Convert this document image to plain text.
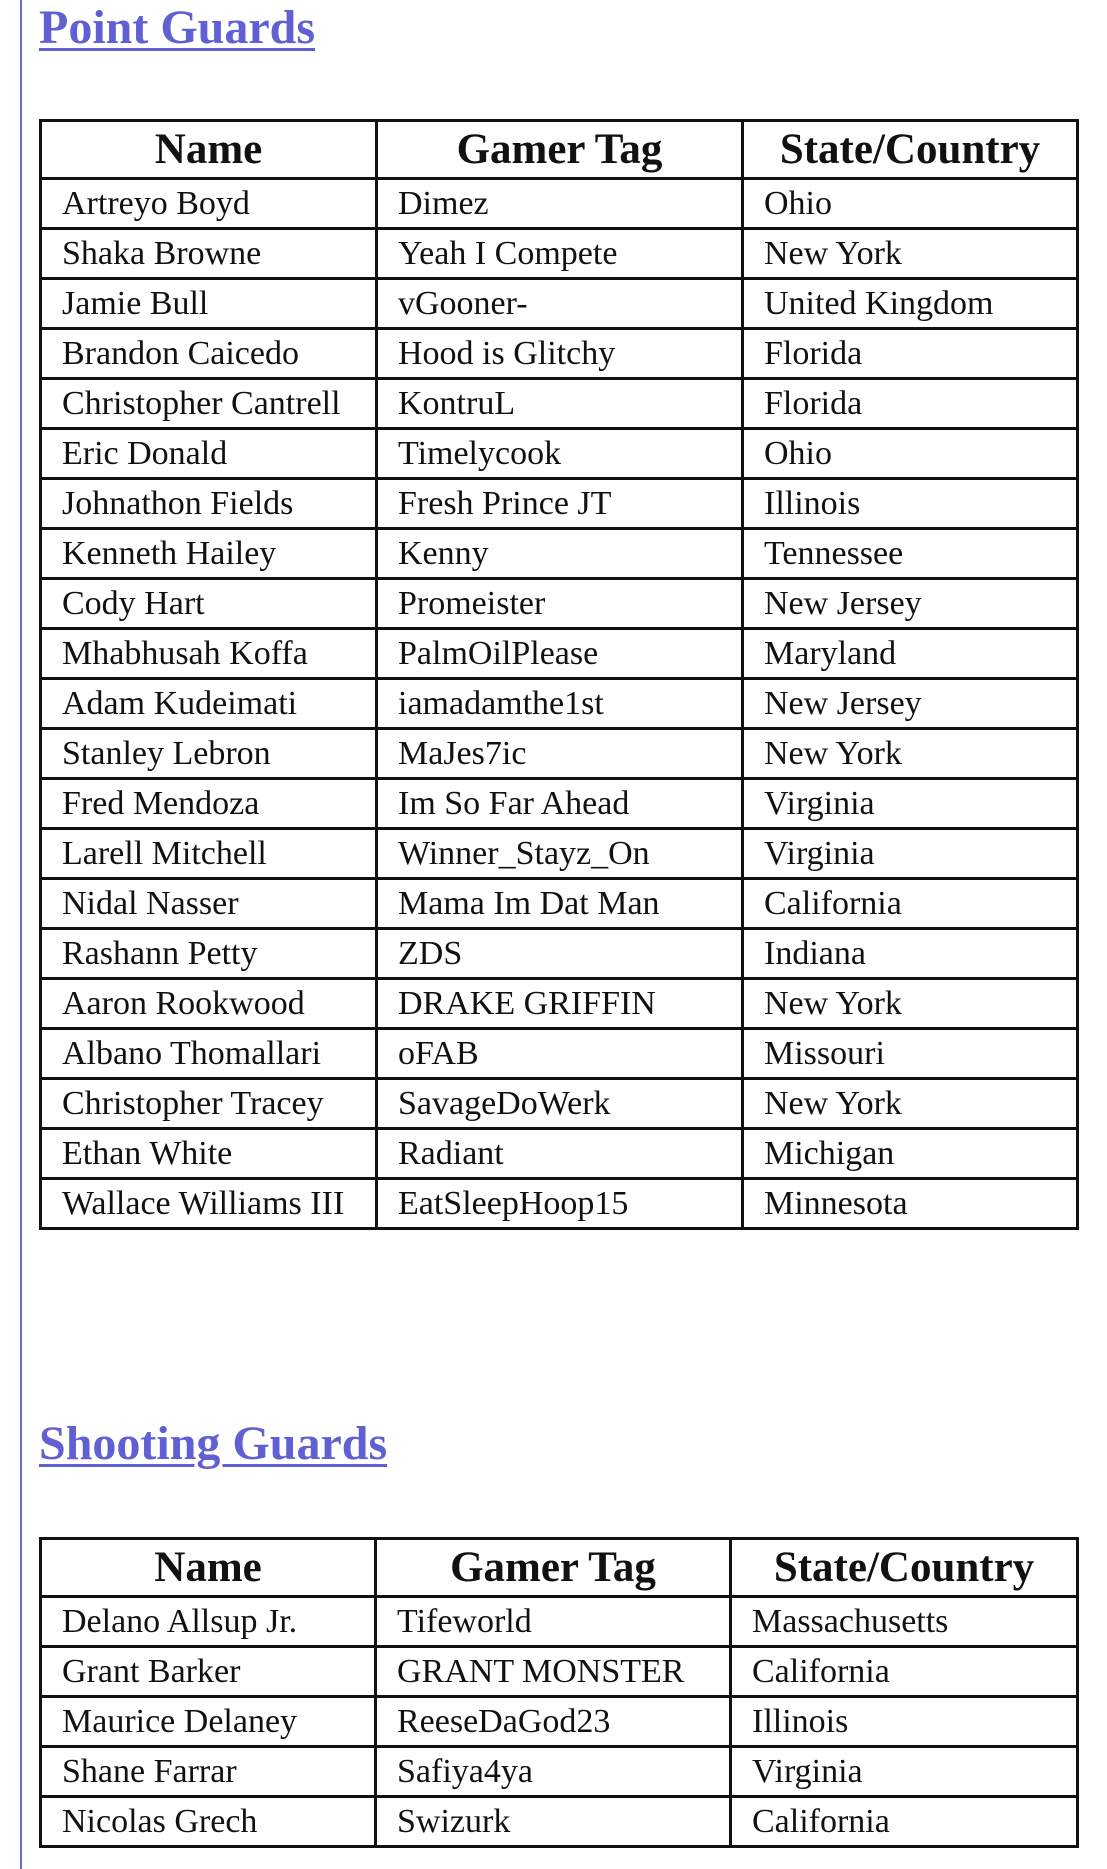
Point Guards
Name	Gamer Tag	State/Country
Artreyo Boyd	Dimez	Ohio
Shaka Browne	Yeah I Compete	New York
Jamie Bull	vGooner-	United Kingdom
Brandon Caicedo	Hood is Glitchy	Florida
Christopher Cantrell	KontruL	Florida
Eric Donald	Timelycook	Ohio
Johnathon Fields	Fresh Prince JT	Illinois
Kenneth Hailey	Kenny	Tennessee
Cody Hart	Promeister	New Jersey
Mhabhusah Koffa	PalmOilPlease	Maryland
Adam Kudeimati	iamadamthe1st	New Jersey
Stanley Lebron	MaJes7ic	New York
Fred Mendoza	Im So Far Ahead	Virginia
Larell Mitchell	Winner_Stayz_On	Virginia
Nidal Nasser	Mama Im Dat Man	California
Rashann Petty	ZDS	Indiana
Aaron Rookwood	DRAKE GRIFFIN	New York
Albano Thomallari	oFAB	Missouri
Christopher Tracey	SavageDoWerk	New York
Ethan White	Radiant	Michigan
Wallace Williams III	EatSleepHoop15	Minnesota
Shooting Guards
Name	Gamer Tag	State/Country
Delano Allsup Jr.	Tifeworld	Massachusetts
Grant Barker	GRANT MONSTER	California
Maurice Delaney	ReeseDaGod23	Illinois
Shane Farrar	Safiya4ya	Virginia
Nicolas Grech	Swizurk	California
